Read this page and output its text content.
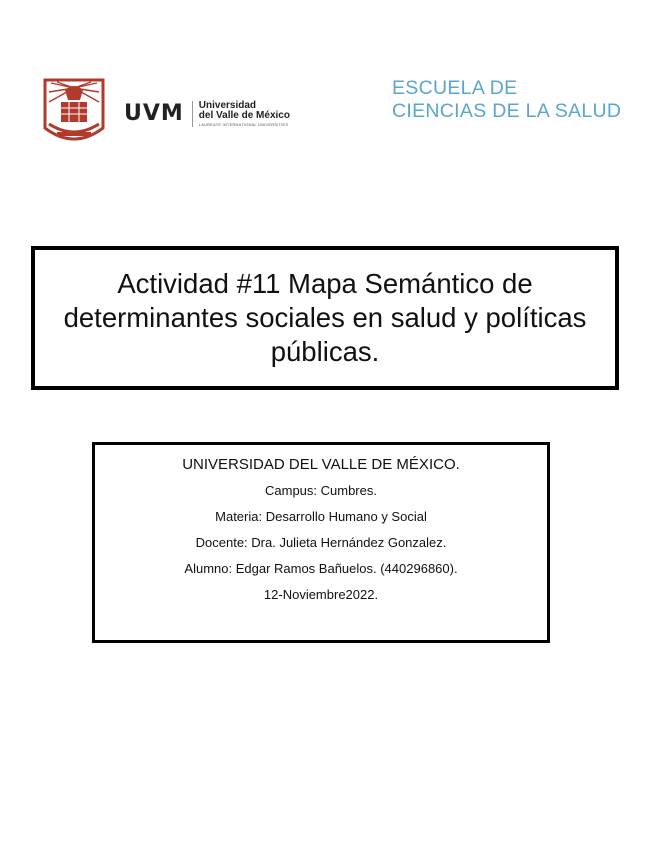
UVM Universidad
del Valle de México
LAUREATE INTERNATIONAL UNIVERSITIES
ESCUELA DE
CIENCIAS DE LA SALUD
Actividad #11 Mapa Semántico de determinantes sociales en salud y políticas públicas.
UNIVERSIDAD DEL VALLE DE MÉXICO.
Campus: Cumbres.
Materia: Desarrollo Humano y Social
Docente: Dra. Julieta Hernández Gonzalez.
Alumno: Edgar Ramos Bañuelos. (440296860).
12-Noviembre2022.
